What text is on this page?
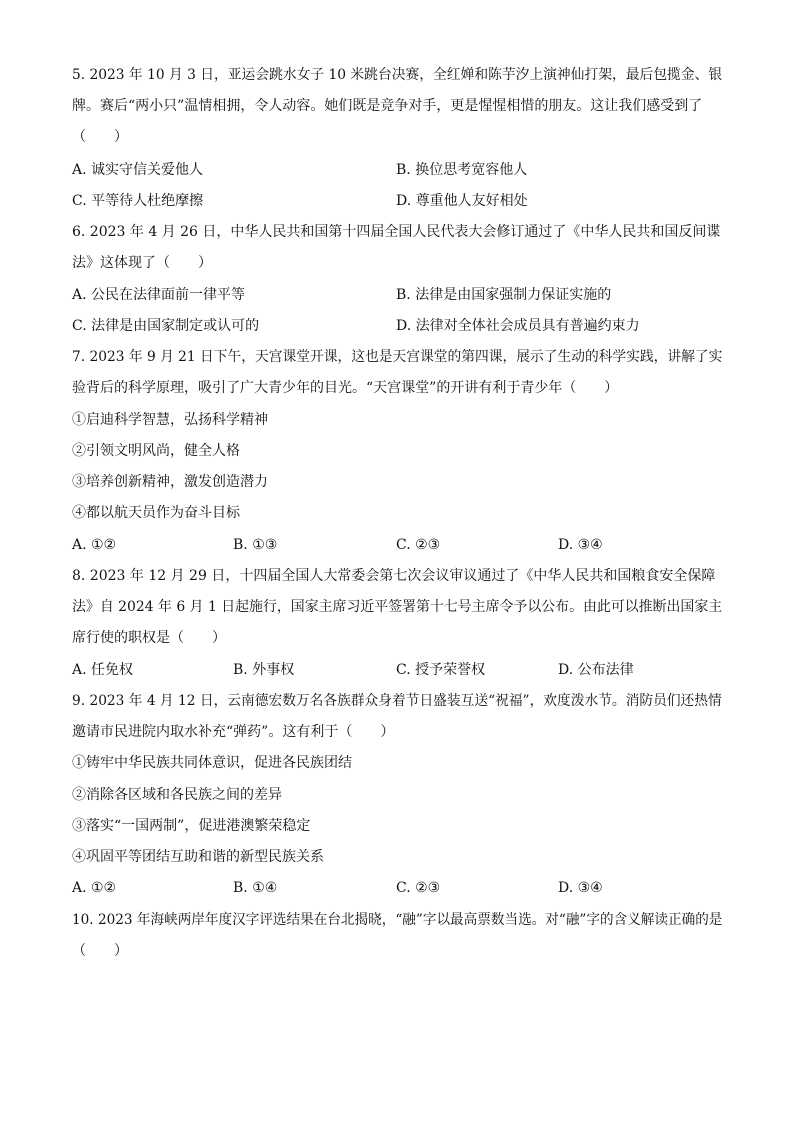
5. 2023 年 10 月 3 日，亚运会跳水女子 10 米跳台决赛，全红婵和陈芋汐上演神仙打架，最后包揽金、银
牌。赛后“两小只”温情相拥，令人动容。她们既是竞争对手，更是惺惺相惜的朋友。这让我们感受到了
（　　）
A. 诚实守信关爱他人	B. 换位思考宽容他人
C. 平等待人杜绝摩擦	D. 尊重他人友好相处
6. 2023 年 4 月 26 日，中华人民共和国第十四届全国人民代表大会修订通过了《中华人民共和国反间谍
法》这体现了（　　）
A. 公民在法律面前一律平等	B. 法律是由国家强制力保证实施的
C. 法律是由国家制定或认可的	D. 法律对全体社会成员具有普遍约束力
7. 2023 年 9 月 21 日下午，天宫课堂开课，这也是天宫课堂的第四课，展示了生动的科学实践，讲解了实
验背后的科学原理，吸引了广大青少年的目光。“天宫课堂”的开讲有利于青少年（　　）
①启迪科学智慧，弘扬科学精神
②引领文明风尚，健全人格
③培养创新精神，激发创造潜力
④都以航天员作为奋斗目标
A. ①②	B. ①③	C. ②③	D. ③④
8. 2023 年 12 月 29 日，十四届全国人大常委会第七次会议审议通过了《中华人民共和国粮食安全保障
法》自 2024 年 6 月 1 日起施行，国家主席习近平签署第十七号主席令予以公布。由此可以推断出国家主
席行使的职权是（　　）
A. 任免权	B. 外事权	C. 授予荣誉权	D. 公布法律
9. 2023 年 4 月 12 日，云南德宏数万名各族群众身着节日盛装互送“祝福”，欢度泼水节。消防员们还热情
邀请市民进院内取水补充“弹药”。这有利于（　　）
①铸牢中华民族共同体意识，促进各民族团结
②消除各区域和各民族之间的差异
③落实“一国两制”，促进港澳繁荣稳定
④巩固平等团结互助和谐的新型民族关系
A. ①②	B. ①④	C. ②③	D. ③④
10. 2023 年海峡两岸年度汉字评选结果在台北揭晓，“融”字以最高票数当选。对“融”字的含义解读正确的是
（　　）
